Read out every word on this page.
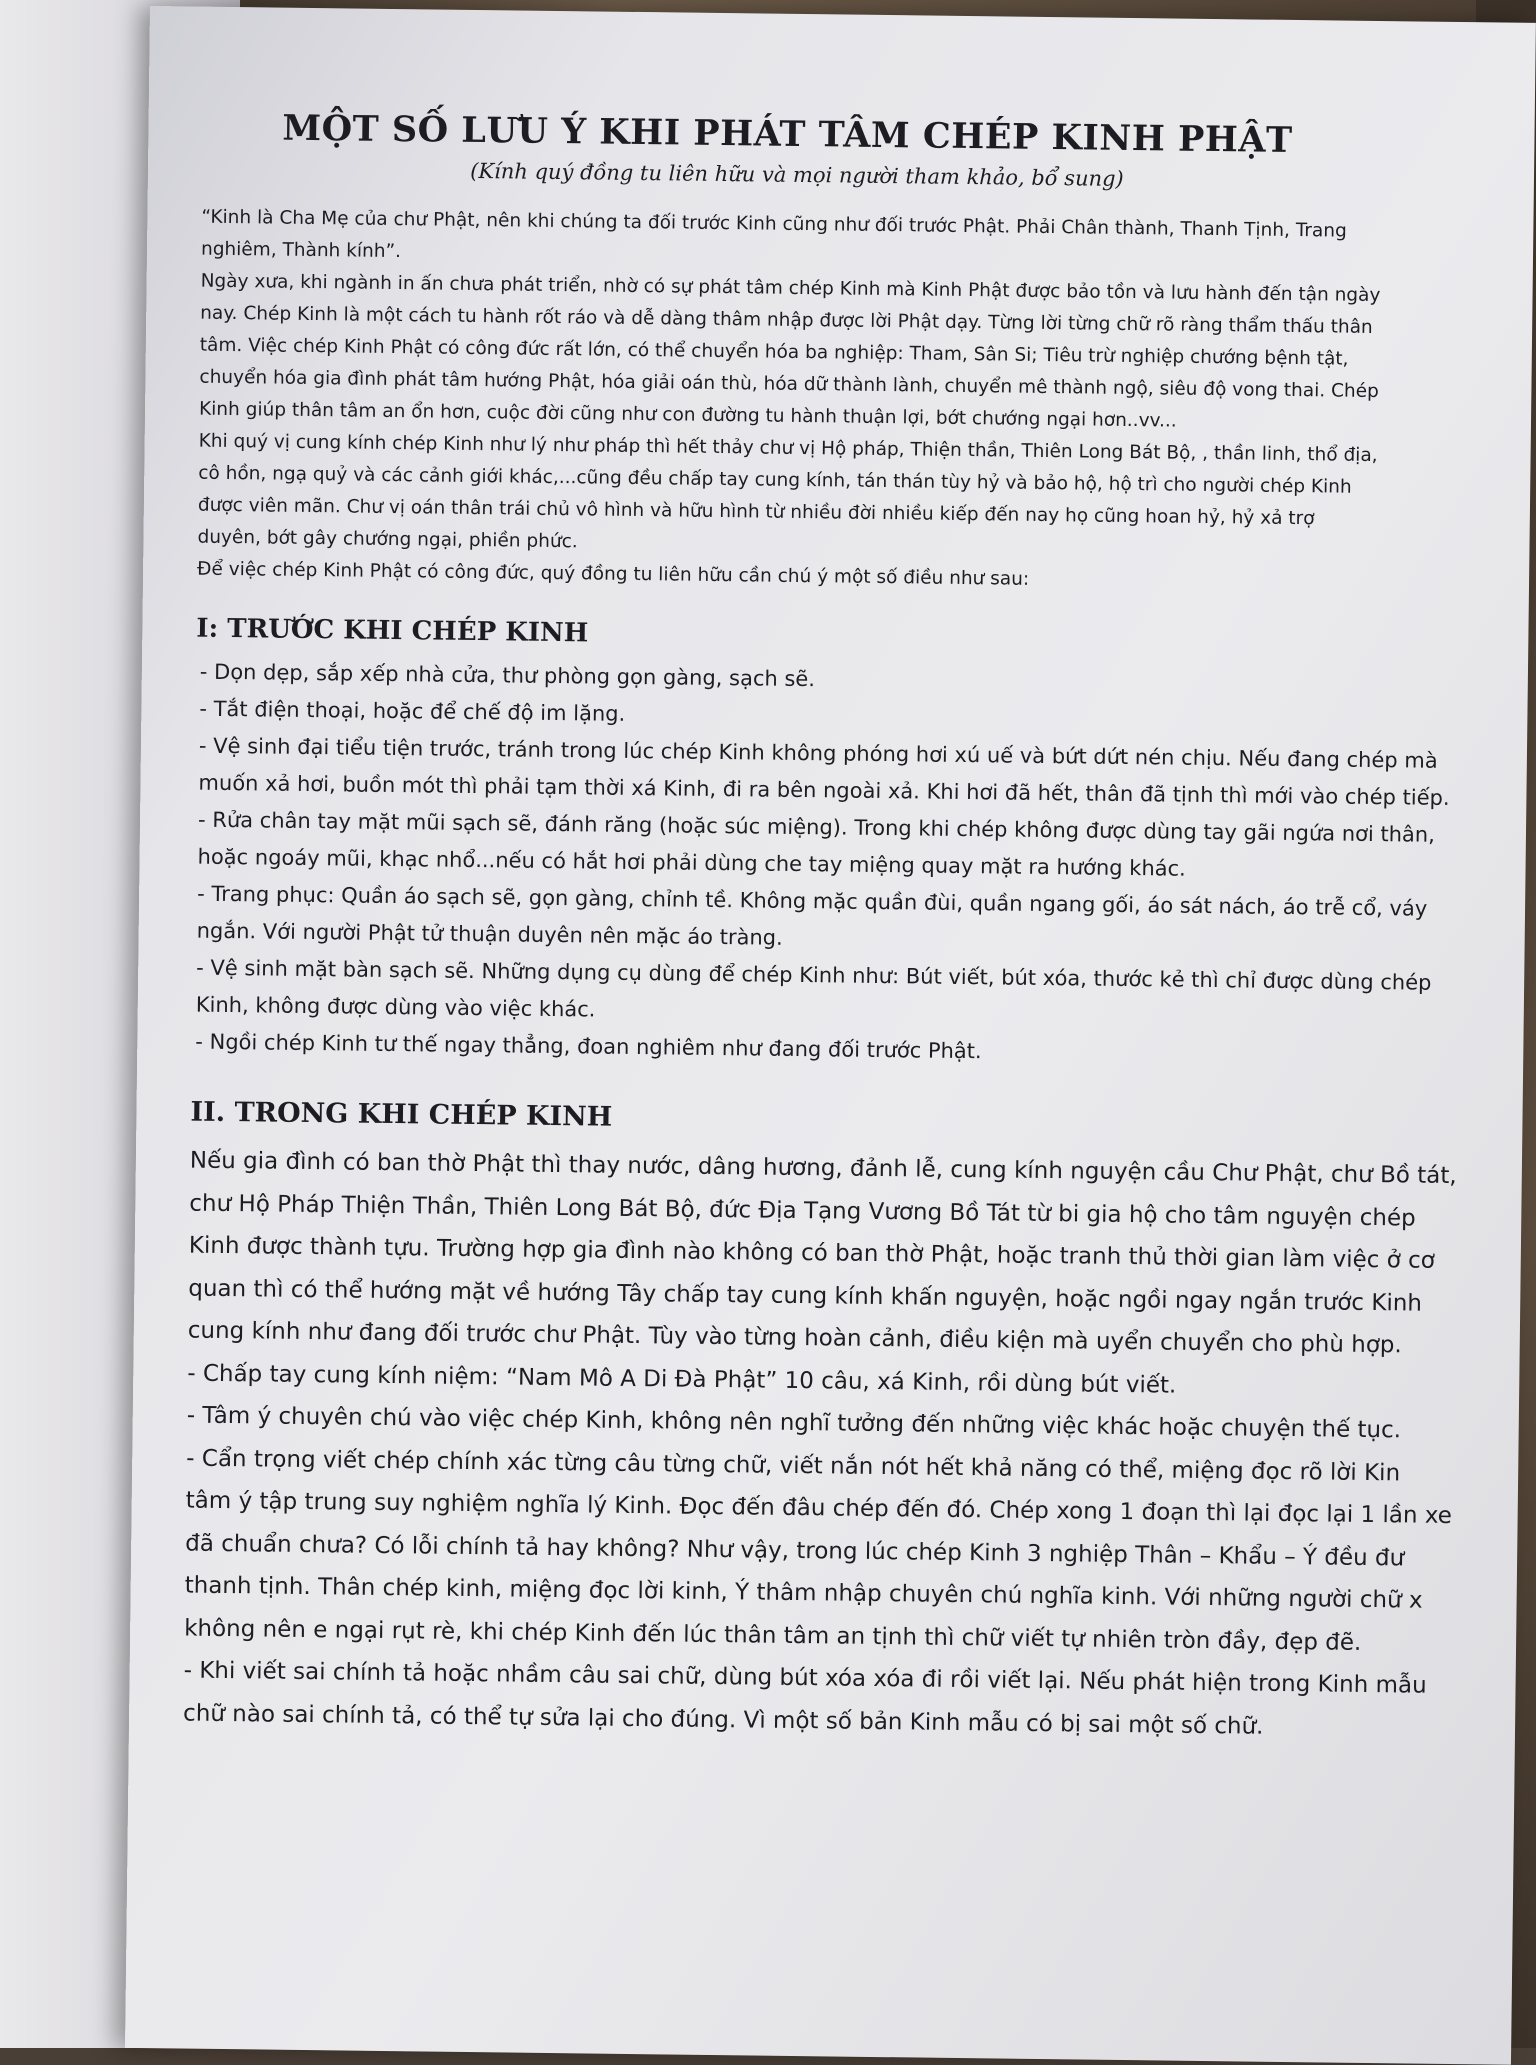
MỘT SỐ LƯU Ý KHI PHÁT TÂM CHÉP KINH PHẬT
(Kính quý đồng tu liên hữu và mọi người tham khảo, bổ sung)

“Kinh là Cha Mẹ của chư Phật, nên khi chúng ta đối trước Kinh cũng như đối trước Phật. Phải Chân thành, Thanh Tịnh, Trang nghiêm, Thành kính”.

Ngày xưa, khi ngành in ấn chưa phát triển, nhờ có sự phát tâm chép Kinh mà Kinh Phật được bảo tồn và lưu hành đến tận ngày nay. Chép Kinh là một cách tu hành rốt ráo và dễ dàng thâm nhập được lời Phật dạy. Từng lời từng chữ rõ ràng thẩm thấu thân tâm. Việc chép Kinh Phật có công đức rất lớn, có thể chuyển hóa ba nghiệp: Tham, Sân Si; Tiêu trừ nghiệp chướng bệnh tật, chuyển hóa gia đình phát tâm hướng Phật, hóa giải oán thù, hóa dữ thành lành, chuyển mê thành ngộ, siêu độ vong thai. Chép Kinh giúp thân tâm an ổn hơn, cuộc đời cũng như con đường tu hành thuận lợi, bớt chướng ngại hơn..vv...

Khi quý vị cung kính chép Kinh như lý như pháp thì hết thảy chư vị Hộ pháp, Thiện thần, Thiên Long Bát Bộ, , thần linh, thổ địa, cô hồn, ngạ quỷ và các cảnh giới khác,...cũng đều chấp tay cung kính, tán thán tùy hỷ và bảo hộ, hộ trì cho người chép Kinh được viên mãn. Chư vị oán thân trái chủ vô hình và hữu hình từ nhiều đời nhiều kiếp đến nay họ cũng hoan hỷ, hỷ xả trợ duyên, bớt gây chướng ngại, phiền phức.

Để việc chép Kinh Phật có công đức, quý đồng tu liên hữu cần chú ý một số điều như sau:

I: TRƯỚC KHI CHÉP KINH

- Dọn dẹp, sắp xếp nhà cửa, thư phòng gọn gàng, sạch sẽ.

- Tắt điện thoại, hoặc để chế độ im lặng.

- Vệ sinh đại tiểu tiện trước, tránh trong lúc chép Kinh không phóng hơi xú uế và bứt dứt nén chịu. Nếu đang chép mà muốn xả hơi, buồn mót thì phải tạm thời xá Kinh, đi ra bên ngoài xả. Khi hơi đã hết, thân đã tịnh thì mới vào chép tiếp.

- Rửa chân tay mặt mũi sạch sẽ, đánh răng (hoặc súc miệng). Trong khi chép không được dùng tay gãi ngứa nơi thân, hoặc ngoáy mũi, khạc nhổ...nếu có hắt hơi phải dùng che tay miệng quay mặt ra hướng khác.

- Trang phục: Quần áo sạch sẽ, gọn gàng, chỉnh tề. Không mặc quần đùi, quần ngang gối, áo sát nách, áo trễ cổ, váy ngắn. Với người Phật tử thuận duyên nên mặc áo tràng.

- Vệ sinh mặt bàn sạch sẽ. Những dụng cụ dùng để chép Kinh như: Bút viết, bút xóa, thước kẻ thì chỉ được dùng chép Kinh, không được dùng vào việc khác.

- Ngồi chép Kinh tư thế ngay thẳng, đoan nghiêm như đang đối trước Phật.

II. TRONG KHI CHÉP KINH

Nếu gia đình có ban thờ Phật thì thay nước, dâng hương, đảnh lễ, cung kính nguyện cầu Chư Phật, chư Bồ tát,

chư Hộ Pháp Thiện Thần, Thiên Long Bát Bộ, đức Địa Tạng Vương Bồ Tát từ bi gia hộ cho tâm nguyện chép

Kinh được thành tựu. Trường hợp gia đình nào không có ban thờ Phật, hoặc tranh thủ thời gian làm việc ở cơ

quan thì có thể hướng mặt về hướng Tây chấp tay cung kính khấn nguyện, hoặc ngồi ngay ngắn trước Kinh

cung kính như đang đối trước chư Phật. Tùy vào từng hoàn cảnh, điều kiện mà uyển chuyển cho phù hợp.

- Chấp tay cung kính niệm: “Nam Mô A Di Đà Phật” 10 câu, xá Kinh, rồi dùng bút viết.

- Tâm ý chuyên chú vào việc chép Kinh, không nên nghĩ tưởng đến những việc khác hoặc chuyện thế tục.

- Cẩn trọng viết chép chính xác từng câu từng chữ, viết nắn nót hết khả năng có thể, miệng đọc rõ lời Kin

tâm ý tập trung suy nghiệm nghĩa lý Kinh. Đọc đến đâu chép đến đó. Chép xong 1 đoạn thì lại đọc lại 1 lần xe

đã chuẩn chưa? Có lỗi chính tả hay không? Như vậy, trong lúc chép Kinh 3 nghiệp Thân – Khẩu – Ý đều đư

thanh tịnh. Thân chép kinh, miệng đọc lời kinh, Ý thâm nhập chuyên chú nghĩa kinh. Với những người chữ x

không nên e ngại rụt rè, khi chép Kinh đến lúc thân tâm an tịnh thì chữ viết tự nhiên tròn đầy, đẹp đẽ.

- Khi viết sai chính tả hoặc nhầm câu sai chữ, dùng bút xóa xóa đi rồi viết lại. Nếu phát hiện trong Kinh mẫu

chữ nào sai chính tả, có thể tự sửa lại cho đúng. Vì một số bản Kinh mẫu có bị sai một số chữ.
